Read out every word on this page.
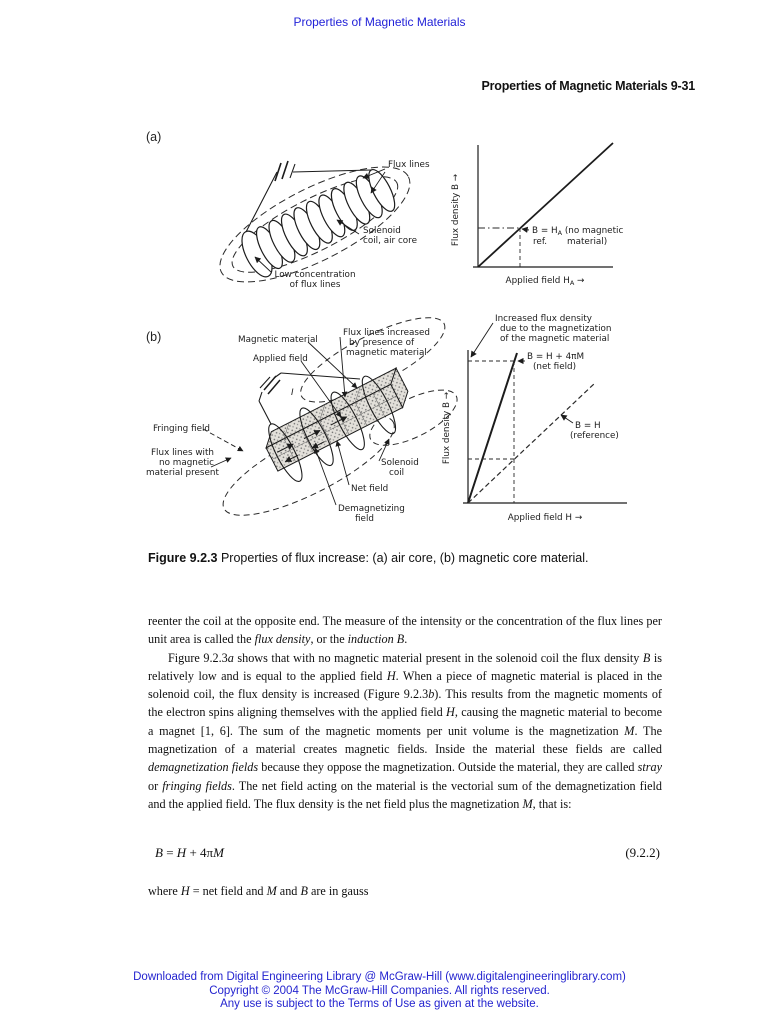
Properties of Magnetic Materials
Properties of Magnetic Materials 9-31
(a)
(b)
Flux lines
Solenoid
coil, air core
Low concentration
of flux lines
Flux density B →
Applied field $H_A$ →
$B = H_A$ (no magnetic
ref. material)
I
Magnetic material
Applied field
Flux lines increased
by presence of
magnetic material
Fringing field
Flux lines with
no magnetic
material present
Solenoid
coil
Net field
Demagnetizing
field
Increased flux density
due to the magnetization
of the magnetic material
B = H + 4πM
(net field)
B = H
(reference)
Flux density B →
Applied field H →
Figure 9.2.3 Properties of flux increase: (a) air core, (b) magnetic core material.

reenter the coil at the opposite end. The measure of the intensity or the concentration of the flux lines per unit area is called the flux density, or the induction B.

Figure 9.2.3a shows that with no magnetic material present in the solenoid coil the flux density B is relatively low and is equal to the applied field H. When a piece of magnetic material is placed in the solenoid coil, the flux density is increased (Figure 9.2.3b). This results from the magnetic moments of the electron spins aligning themselves with the applied field H, causing the magnetic material to become a magnet [1, 6]. The sum of the magnetic moments per unit volume is the magnetization M. The magnetization of a material creates magnetic fields. Inside the material these fields are called demagnetization fields because they oppose the magnetization. Outside the material, they are called stray or fringing fields. The net field acting on the material is the vectorial sum of the demagnetization field and the applied field. The flux density is the net field plus the magnetization M, that is:

B = H + 4πM	(9.2.2)
where H = net field and M and B are in gauss
Downloaded from Digital Engineering Library @ McGraw-Hill (www.digitalengineeringlibrary.com)
Copyright © 2004 The McGraw-Hill Companies. All rights reserved.
Any use is subject to the Terms of Use as given at the website.
